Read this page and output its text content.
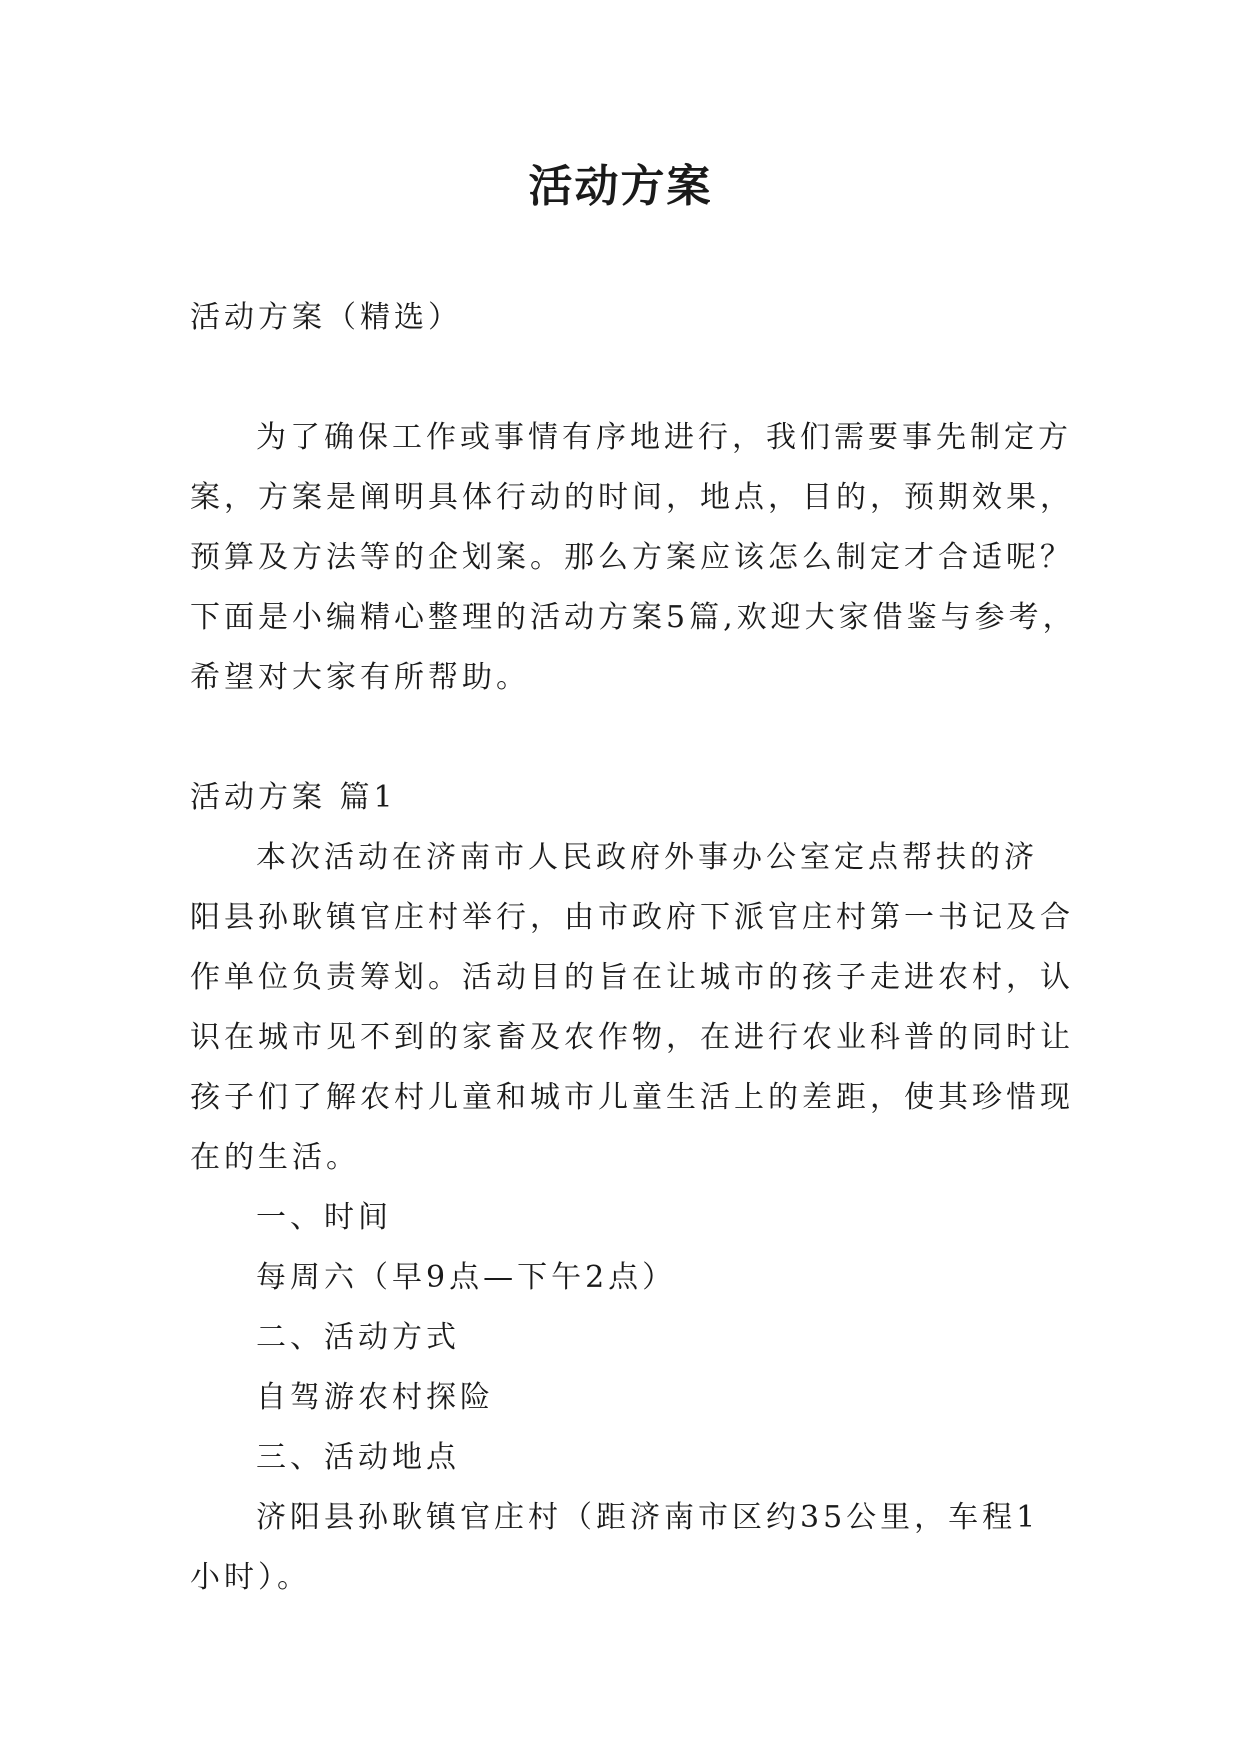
活动方案
活动方案（精选）
为了确保工作或事情有序地进行，我们需要事先制定方
案，方案是阐明具体行动的时间，地点，目的，预期效果，
预算及方法等的企划案。那么方案应该怎么制定才合适呢？
下面是小编精心整理的活动方案5篇,欢迎大家借鉴与参考，
希望对大家有所帮助。
活动方案 篇1
本次活动在济南市人民政府外事办公室定点帮扶的济
阳县孙耿镇官庄村举行，由市政府下派官庄村第一书记及合
作单位负责筹划。活动目的旨在让城市的孩子走进农村，认
识在城市见不到的家畜及农作物，在进行农业科普的同时让
孩子们了解农村儿童和城市儿童生活上的差距，使其珍惜现
在的生活。
一、时间
每周六（早9点—下午2点）
二、活动方式
自驾游农村探险
三、活动地点
济阳县孙耿镇官庄村（距济南市区约35公里，车程1
小时）。
